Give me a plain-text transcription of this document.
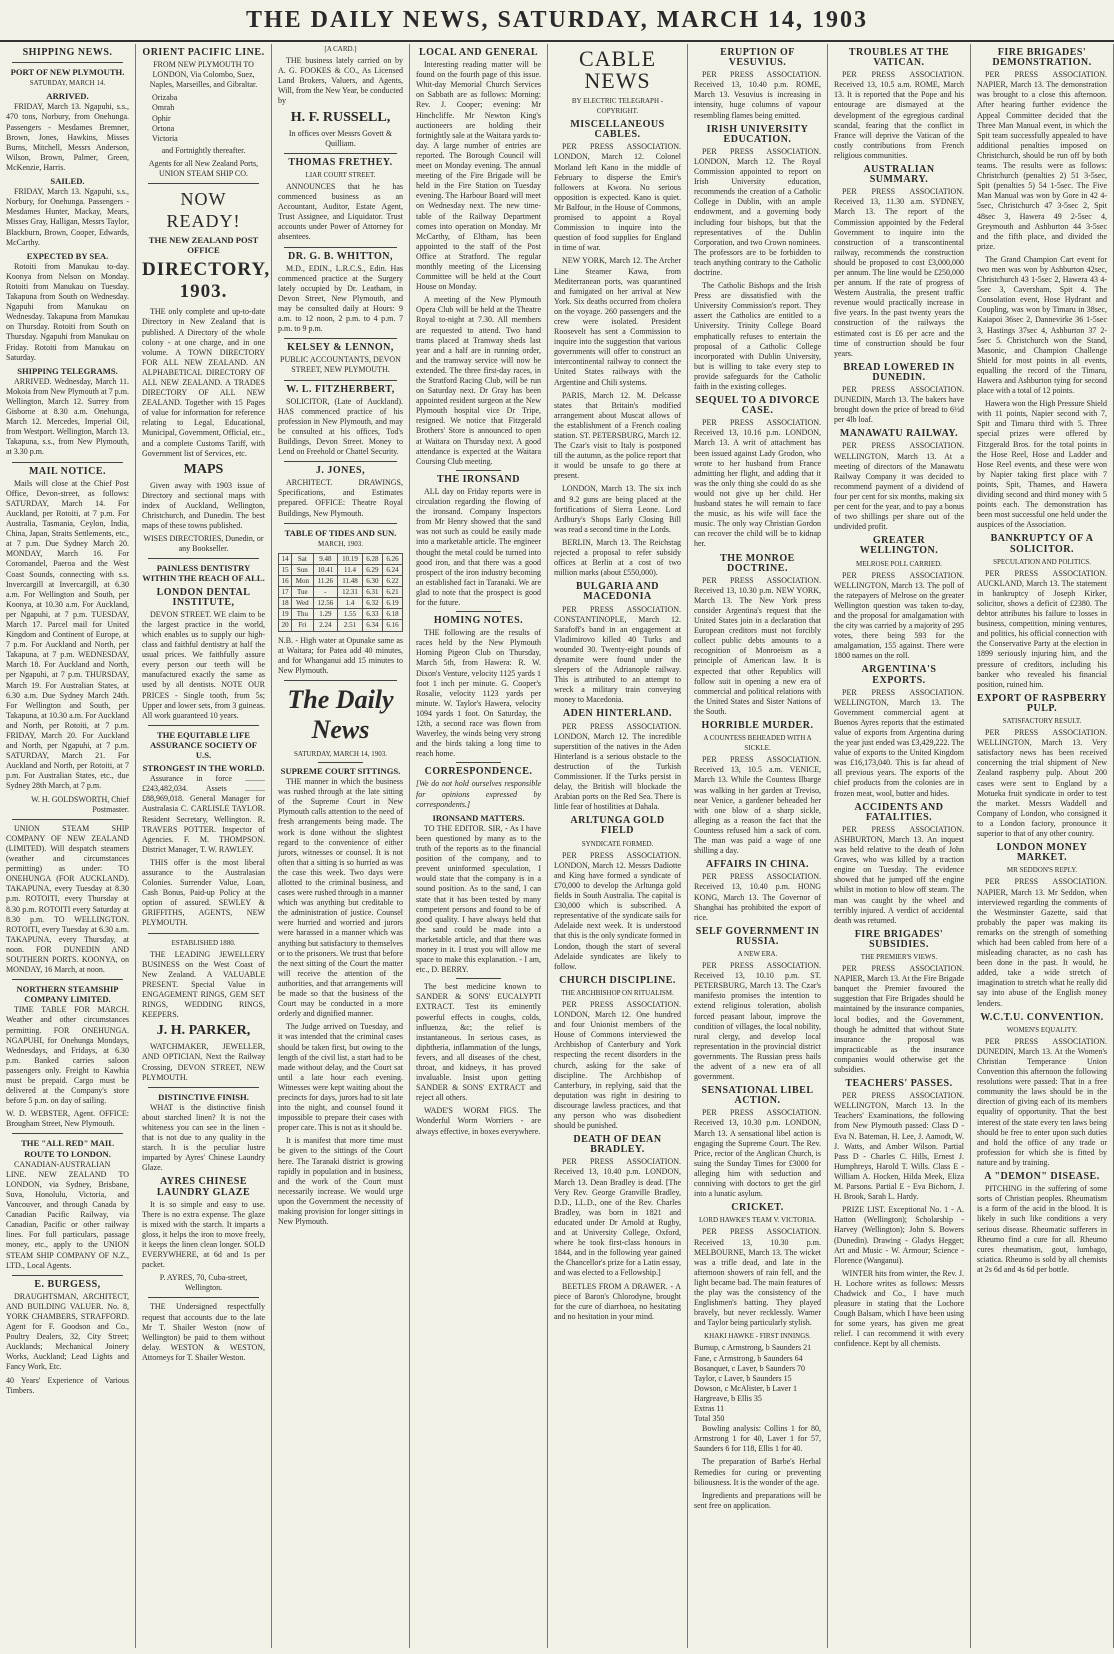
THE DAILY NEWS, SATURDAY, MARCH 14, 1903
SHIPPING NEWS.
PORT OF NEW PLYMOUTH.
SATURDAY, MARCH 14.
ARRIVED.

FRIDAY, March 13. Ngapuhi, s.s., 470 tons, Norbury, from Onehunga. Passengers - Mesdames Bremner, Brown, Jones, Hawkins, Misses Burns, Mitchell, Messrs Anderson, Wilson, Brown, Palmer, Green, McKenzie, Harris.

SAILED.

FRIDAY, March 13. Ngapuhi, s.s., Norbury, for Onehunga. Passengers - Mesdames Hunter, Mackay, Mears, Misses Gray, Halligan, Messrs Taylor, Blackburn, Brown, Cooper, Edwards, McCarthy.

EXPECTED BY SEA.

Rotoiti from Manukau to-day. Koonya from Nelson on Monday. Rotoiti from Manukau on Tuesday. Takapuna from South on Wednesday. Ngapuhi from Manukau on Wednesday. Takapuna from Manukau on Thursday. Rotoiti from South on Thursday. Ngapuhi from Manukau on Friday. Rotoiti from Manukau on Saturday.

SHIPPING TELEGRAMS.

ARRIVED. Wednesday, March 11. Mokoia from New Plymouth at 7 p.m. Wellington, March 12. Surrey from Gisborne at 8.30 a.m. Onehunga, March 12. Mercedes, Imperial Oil, from Westport. Wellington, March 13. Takapuna, s.s., from New Plymouth, at 3.30 p.m.

MAIL NOTICE.

Mails will close at the Chief Post Office, Devon-street, as follows: SATURDAY, March 14. For Auckland, per Rotoiti, at 7 p.m. For Australia, Tasmania, Ceylon, India, China, Japan, Straits Settlements, etc., at 7 p.m. Due Sydney March 20. MONDAY, March 16. For Coromandel, Paeroa and the West Coast Sounds, connecting with s.s. Invercargill at Invercargill, at 6.30 a.m. For Wellington and South, per Koonya, at 10.30 a.m. For Auckland, per Ngapuhi, at 7 p.m. TUESDAY, March 17. Parcel mail for United Kingdom and Continent of Europe, at 7 p.m. For Auckland and North, per Takapuna, at 7 p.m. WEDNESDAY, March 18. For Auckland and North, per Ngapuhi, at 7 p.m. THURSDAY, March 19. For Australian States, at 6.30 a.m. Due Sydney March 24th. For Wellington and South, per Takapuna, at 10.30 a.m. For Auckland and North, per Rotoiti, at 7 p.m. FRIDAY, March 20. For Auckland and North, per Ngapuhi, at 7 p.m. SATURDAY, March 21. For Auckland and North, per Rotoiti, at 7 p.m. For Australian States, etc., due Sydney 28th March, at 7 p.m.

W. H. GOLDSWORTH, Chief Postmaster.

UNION STEAM SHIP COMPANY OF NEW ZEALAND (LIMITED). Will despatch steamers (weather and circumstances permitting) as under: TO ONEHUNGA (FOR AUCKLAND). TAKAPUNA, every Tuesday at 8.30 p.m. ROTOITI, every Thursday at 8.30 p.m. ROTOITI every Saturday at 8.30 p.m. TO WELLINGTON. ROTOITI, every Tuesday at 6.30 a.m. TAKAPUNA, every Thursday, at noon. FOR DUNEDIN AND SOUTHERN PORTS. KOONYA, on MONDAY, 16 March, at noon.

NORTHERN STEAMSHIP COMPANY LIMITED.

TIME TABLE FOR MARCH. Weather and other circumstances permitting. FOR ONEHUNGA. NGAPUHI, for Onehunga Mondays, Wednesdays, and Fridays, at 6.30 p.m. Banked carries saloon passengers only. Freight to Kawhia must be prepaid. Cargo must be delivered at the Company's store before 5 p.m. on day of sailing.

W. D. WEBSTER, Agent. OFFICE: Brougham Street, New Plymouth.

THE "ALL RED" MAIL ROUTE TO LONDON.

CANADIAN-AUSTRALIAN LINE. NEW ZEALAND TO LONDON, via Sydney, Brisbane, Suva, Honolulu, Victoria, and Vancouver, and through Canada by Canadian Pacific Railway, via Canadian, Pacific or other railway lines. For full particulars, passage money, etc., apply to the UNION STEAM SHIP COMPANY OF N.Z., LTD., Local Agents.

E. BURGESS,

DRAUGHTSMAN, ARCHITECT, AND BUILDING VALUER. No. 8, YORK CHAMBERS, STRAFFORD. Agent for F. Goodson and Co., Poultry Dealers, 32, City Street; Aucklands; Mechanical Joinery Works, Auckland; Lead Lights and Fancy Work, Etc.

40 Years' Experience of Various Timbers.

ORIENT PACIFIC LINE.

FROM NEW PLYMOUTH TO LONDON, Via Colombo, Suez, Naples, Marseilles, and Gibraltar.

Orizaba
Omrah
Ophir
Ortona
Victoria

and Fortnightly thereafter.

Agents for all New Zealand Ports, UNION STEAM SHIP CO.

NOW READY!
THE NEW ZEALAND POST OFFICE
DIRECTORY, 1903.

THE only complete and up-to-date Directory in New Zealand that is published. A Directory of the whole colony - at one charge, and in one volume. A TOWN DIRECTORY FOR ALL NEW ZEALAND. AN ALPHABETICAL DIRECTORY OF ALL NEW ZEALAND. A TRADES DIRECTORY OF ALL NEW ZEALAND. Together with 15 Pages of value for information for reference relating to Legal, Educational, Municipal, Government, Official, etc., and a complete Customs Tariff, with Government list of Services, etc.

MAPS

Given away with 1903 issue of Directory and sectional maps with index of Auckland, Wellington, Christchurch, and Dunedin. The best maps of these towns published.

WISES DIRECTORIES, Dunedin, or any Bookseller.

PAINLESS DENTISTRY WITHIN THE REACH OF ALL.
LONDON DENTAL INSTITUTE,

DEVON STREET. WE claim to be the largest practice in the world, which enables us to supply our high-class and faithful dentistry at half the usual prices. We faithfully assure every person our teeth will be manufactured exactly the same as used by all dentists. NOTE OUR PRICES - Single tooth, from 5s; Upper and lower sets, from 3 guineas. All work guaranteed 10 years.

THE EQUITABLE LIFE ASSURANCE SOCIETY OF U.S.
STRONGEST IN THE WORLD.

Assurance in force .......... £243,482,034. Assets .......... £88,969,018. General Manager for Australasia C. CARLISLE TAYLOR. Resident Secretary, Wellington. R. TRAVERS POTTER. Inspector of Agencies. F. M. THOMPSON. District Manager, T. W. RAWLEY.

THIS offer is the most liberal assurance to the Australasian Colonies. Surrender Value, Loan, Cash Bonus, Paid-up Policy at the option of assured. SEWLEY & GRIFFITHS, AGENTS, NEW PLYMOUTH.

ESTABLISHED 1880.

THE LEADING JEWELLERY BUSINESS on the West Coast of New Zealand. A VALUABLE PRESENT. Special Value in ENGAGEMENT RINGS, GEM SET RINGS, WEDDING RINGS, KEEPERS.

J. H. PARKER,

WATCHMAKER, JEWELLER, AND OPTICIAN, Next the Railway Crossing, DEVON STREET, NEW PLYMOUTH.

DISTINCTIVE FINISH.

WHAT is the distinctive finish about starched linen? It is not the whiteness you can see in the linen - that is not due to any quality in the starch. It is the peculiar lustre imparted by Ayres' Chinese Laundry Glaze.

AYRES CHINESE LAUNDRY GLAZE

It is so simple and easy to use. There is no extra expense. The glaze is mixed with the starch. It imparts a gloss, it helps the iron to move freely, it keeps the linen clean longer. SOLD EVERYWHERE, at 6d and 1s per packet.

P. AYRES, 70, Cuba-street, Wellington.

THE Undersigned respectfully request that accounts due to the late Mr T. Shailer Weston (now of Wellington) be paid to them without delay. WESTON & WESTON, Attorneys for T. Shailer Weston.

[A CARD.]

THE business lately carried on by A. G. FOOKES & CO., As Licensed Land Brokers, Valuers, and Agents, Will, from the New Year, be conducted by

H. F. RUSSELL,

In offices over Messrs Govett & Quilliam.

THOMAS FRETHEY.
LIAR COURT STREET.

ANNOUNCES that he has commenced business as an Accountant, Auditor, Estate Agent, Trust Assignee, and Liquidator. Trust accounts under Power of Attorney for absentees.

DR. G. B. WHITTON,

M.D., EDIN., L.R.C.S., Edin. Has commenced practice at the Surgery lately occupied by Dr. Leatham, in Devon Street, New Plymouth, and may be consulted daily at Hours: 9 a.m. to 12 noon, 2 p.m. to 4 p.m. 7 p.m. to 9 p.m.

KELSEY & LENNON,

PUBLIC ACCOUNTANTS, DEVON STREET, NEW PLYMOUTH.

W. L. FITZHERBERT,

SOLICITOR, (Late of Auckland). HAS commenced practice of his profession in New Plymouth, and may be consulted at his offices, Tod's Buildings, Devon Street. Money to Lend on Freehold or Chattel Security.

J. JONES,

ARCHITECT. DRAWINGS, Specifications, and Estimates prepared. OFFICE: Theatre Royal Buildings, New Plymouth.

TABLE OF TIDES AND SUN.
MARCH, 1903.
14	Sat	9.48	10.19	6.28	6.26
15	Sun	10.41	11.4	6.29	6.24
16	Mon	11.26	11.48	6.30	6.22
17	Tue	-	12.31	6.31	6.21
18	Wed	12.56	1.4	6.32	6.19
19	Thu	1.29	1.55	6.33	6.18
20	Fri	2.24	2.51	6.34	6.16

N.B. - High water at Opunake same as at Waitara; for Patea add 40 minutes, and for Whanganui add 15 minutes to New Plymouth.

The Daily News
SATURDAY, MARCH 14, 1903.
SUPREME COURT SITTINGS.

THE manner in which the business was rushed through at the late sitting of the Supreme Court in New Plymouth calls attention to the need of fresh arrangements being made. The work is done without the slightest regard to the convenience of either jurors, witnesses or counsel. It is not often that a sitting is so hurried as was the case this week. Two days were allotted to the criminal business, and cases were rushed through in a manner which was anything but creditable to the administration of justice. Counsel were hurried and worried and jurors were harassed in a manner which was anything but satisfactory to themselves or to the prisoners. We trust that before the next sitting of the Court the matter will receive the attention of the authorities, and that arrangements will be made so that the business of the Court may be conducted in a more orderly and dignified manner.

The Judge arrived on Tuesday, and it was intended that the criminal cases should be taken first, but owing to the length of the civil list, a start had to be made without delay, and the Court sat until a late hour each evening. Witnesses were kept waiting about the precincts for days, jurors had to sit late into the night, and counsel found it impossible to prepare their cases with proper care. This is not as it should be.

It is manifest that more time must be given to the sittings of the Court here. The Taranaki district is growing rapidly in population and in business, and the work of the Court must necessarily increase. We would urge upon the Government the necessity of making provision for longer sittings in New Plymouth.

LOCAL AND GENERAL

Interesting reading matter will be found on the fourth page of this issue. Whit-day Memorial Church Services on Sabbath are as follows: Morning: Rev. J. Cooper; evening: Mr Hinchcliffe. Mr Newton King's auctioneers are holding their fortnightly sale at the Waitara yards to-day. A large number of entries are reported. The Borough Council will meet on Monday evening. The annual meeting of the Fire Brigade will be held in the Fire Station on Tuesday evening. The Harbour Board will meet on Wednesday next. The new time-table of the Railway Department comes into operation on Monday. Mr McCarthy, of Eltham, has been appointed to the staff of the Post Office at Stratford. The regular monthly meeting of the Licensing Committee will be held at the Court House on Monday.

A meeting of the New Plymouth Opera Club will be held at the Theatre Royal to-night at 7.30. All members are requested to attend. Two hand trams placed at Tramway sheds last year and a half are in running order, and the tramway service will now be extended. The three first-day races, in the Stratford Racing Club, will be run on Saturday next. Dr Gray has been appointed resident surgeon at the New Plymouth hospital vice Dr Tripe, resigned. We notice that Fitzgerald Brothers' Store is announced to open at Waitara on Thursday next. A good attendance is expected at the Waitara Coursing Club meeting.

THE IRONSAND

ALL day on Friday reports were in circulation regarding the flowing of the ironsand. Company Inspectors from Mr Henry showed that the sand was not such as could be easily made into a marketable article. The engineer thought the metal could be turned into good iron, and that there was a good prospect of the iron industry becoming an established fact in Taranaki. We are glad to note that the prospect is good for the future.

HOMING NOTES.

THE following are the results of races held by the New Plymouth Homing Pigeon Club on Thursday, March 5th, from Hawera: R. W. Dixon's Venture, velocity 1125 yards 1 foot 1 inch per minute. G. Cooper's Rosalie, velocity 1123 yards per minute. W. Taylor's Hawera, velocity 1094 yards 1 foot. On Saturday, the 12th, a second race was flown from Waverley, the winds being very strong and the birds taking a long time to reach home.

CORRESPONDENCE.

[We do not hold ourselves responsible for opinions expressed by correspondents.]

IRONSAND MATTERS.

TO THE EDITOR. SIR, - As I have been questioned by many as to the truth of the reports as to the financial position of the company, and to prevent uninformed speculation, I would state that the company is in a sound position. As to the sand, I can state that it has been tested by many competent persons and found to be of good quality. I have always held that the sand could be made into a marketable article, and that there was money in it. I trust you will allow me space to make this explanation. - I am, etc., D. BERRY.

The best medicine known to SANDER & SONS' EUCALYPTI EXTRACT. Test its eminently powerful effects in coughs, colds, influenza, &c; the relief is instantaneous. In serious cases, as diphtheria, inflammation of the lungs, fevers, and all diseases of the chest, throat, and kidneys, it has proved invaluable. Insist upon getting SANDER & SONS' EXTRACT and reject all others.

WADE'S WORM FIGS. The Wonderful Worm Worriers - are always effective, in boxes everywhere.

CABLE NEWS
BY ELECTRIC TELEGRAPH - COPYRIGHT.
MISCELLANEOUS CABLES.

PER PRESS ASSOCIATION. LONDON, March 12. Colonel Morland left Kano in the middle of February to disperse the Emir's followers at Kwora. No serious opposition is expected. Kano is quiet. Mr Balfour, in the House of Commons, promised to appoint a Royal Commission to inquire into the question of food supplies for England in time of war.

NEW YORK, March 12. The Archer Line Steamer Kawa, from Mediterranean ports, was quarantined and fumigated on her arrival at New York. Six deaths occurred from cholera on the voyage. 260 passengers and the crew were isolated. President Roosevelt has sent a Commission to inquire into the suggestion that various governments will offer to construct an intercontinental railway to connect the United States railways with the Argentine and Chili systems.

PARIS, March 12. M. Delcasse states that Britain's modified arrangement about Muscat allows of the establishment of a French coaling station. ST. PETERSBURG, March 12. The Czar's visit to Italy is postponed till the autumn, as the police report that it would be unsafe to go there at present.

LONDON, March 13. The six inch and 9.2 guns are being placed at the fortifications of Sierra Leone. Lord Ardbury's Shops Early Closing Bill was read a second time in the Lords.

BERLIN, March 13. The Reichstag rejected a proposal to refer subsidy offices at Berlin at a cost of two million marks (about £550,000).

BULGARIA AND MACEDONIA

PER PRESS ASSOCIATION. CONSTANTINOPLE, March 12. Sarafoff's band in an engagement at Vladimirovo killed 40 Turks and wounded 30. Twenty-eight pounds of dynamite were found under the sleepers of the Adrianople railway. This is attributed to an attempt to wreck a military train conveying money to Macedonia.

ADEN HINTERLAND.

PER PRESS ASSOCIATION. LONDON, March 12. The incredible superstition of the natives in the Aden Hinterland is a serious obstacle to the destruction of the Turkish Commissioner. If the Turks persist in delay, the British will blockade the Arabian ports on the Red Sea. There is little fear of hostilities at Dahala.

ARLTUNGA GOLD FIELD
SYNDICATE FORMED.

PER PRESS ASSOCIATION. LONDON, March 12. Messrs Dadiotte and King have formed a syndicate of £70,000 to develop the Arltunga gold fields in South Australia. The capital is £30,000 which is subscribed. A representative of the syndicate sails for Adelaide next week. It is understood that this is the only syndicate formed in London, though the start of several Adelaide syndicates are likely to follow.

CHURCH DISCIPLINE.
THE ARCHBISHOP ON RITUALISM.

PER PRESS ASSOCIATION. LONDON, March 12. One hundred and four Unionist members of the House of Commons interviewed the Archbishop of Canterbury and York respecting the recent disorders in the church, asking for the sake of discipline. The Archbishop of Canterbury, in replying, said that the deputation was right in desiring to discourage lawless practices, and that any person who was disobedient should be punished.

DEATH OF DEAN BRADLEY.

PER PRESS ASSOCIATION. Received 13, 10.40 p.m. LONDON, March 13. Dean Bradley is dead. [The Very Rev. George Granville Bradley, D.D., LL.D., one of the Rev. Charles Bradley, was born in 1821 and educated under Dr Arnold at Rugby, and at University College, Oxford, where he took first-class honours in 1844, and in the following year gained the Chancellor's prize for a Latin essay, and was elected to a Fellowship.]

BEETLES FROM A DRAWER. - A piece of Baron's Chlorodyne, brought for the cure of diarrhoea, no hesitating and no hesitation in your mind.

ERUPTION OF VESUVIUS.

PER PRESS ASSOCIATION. Received 13, 10.40 p.m. ROME, March 13. Vesuvius is increasing in intensity, huge columns of vapour resembling flames being emitted.

IRISH UNIVERSITY EDUCATION.

PER PRESS ASSOCIATION. LONDON, March 12. The Royal Commission appointed to report on Irish University education, recommends the creation of a Catholic College in Dublin, with an ample endowment, and a governing body including four bishops, but that the representatives of the Dublin Corporation, and two Crown nominees. The professors are to be forbidden to teach anything contrary to the Catholic doctrine.

The Catholic Bishops and the Irish Press are dissatisfied with the University Commission's report. They assert the Catholics are entitled to a University. Trinity College Board emphatically refuses to entertain the proposal of a Catholic College incorporated with Dublin University, but is willing to take every step to provide safeguards for the Catholic faith in the existing colleges.

SEQUEL TO A DIVORCE CASE.

PER PRESS ASSOCIATION. Received 13, 10.16 p.m. LONDON, March 13. A writ of attachment has been issued against Lady Grodon, who wrote to her husband from France admitting her flight, and adding that it was the only thing she could do as she would not give up her child. Her husband states he will remain to face the music, as his wife will face the music. The only way Christian Gordon can recover the child will be to kidnap her.

THE MONROE DOCTRINE.

PER PRESS ASSOCIATION. Received 13, 10.30 p.m. NEW YORK, March 13. The New York press consider Argentina's request that the United States join in a declaration that European creditors must not forcibly collect public debts amounts to a recognition of Monroeism as a principle of American law. It is expected that other Republics will follow suit in opening a new era of commercial and political relations with the United States and Sister Nations of the South.

HORRIBLE MURDER.
A COUNTESS BEHEADED WITH A SICKLE.

PER PRESS ASSOCIATION. Received 13, 10.5 a.m. VENICE, March 13. While the Countess Ilbarge was walking in her garden at Treviso, near Venice, a gardener beheaded her with one blow of a sharp sickle, alleging as a reason the fact that the Countess refused him a sack of corn. The man was paid a wage of one shilling a day.

AFFAIRS IN CHINA.

PER PRESS ASSOCIATION. Received 13, 10.40 p.m. HONG KONG, March 13. The Governor of Shanghai has prohibited the export of rice.

SELF GOVERNMENT IN RUSSIA.
A NEW ERA.

PER PRESS ASSOCIATION. Received 13, 10.10 p.m. ST. PETERSBURG, March 13. The Czar's manifesto promises the intention to extend religious toleration, abolish forced peasant labour, improve the condition of villages, the local nobility, rural clergy, and develop local representation in the provincial district governments. The Russian press hails the advent of a new era of all government.

SENSATIONAL LIBEL ACTION.

PER PRESS ASSOCIATION. Received 13, 10.30 p.m. LONDON, March 13. A sensational libel action is engaging the Supreme Court. The Rev. Price, rector of the Anglican Church, is suing the Sunday Times for £3000 for alleging him with seduction and conniving with doctors to get the girl into a lunatic asylum.

CRICKET.
LORD HAWKE'S TEAM V. VICTORIA.

PER PRESS ASSOCIATION. Received 13, 10.30 p.m. MELBOURNE, March 13. The wicket was a trifle dead, and late in the afternoon showers of rain fell, and the light became bad. The main features of the play was the consistency of the Englishmen's batting. They played bravely, but never recklessly. Warner and Taylor being particularly stylish.

KHAKI HAWKE - FIRST INNINGS.
Burnup, c Armstrong, b Saunders 21
Fane, c Armstrong, b Saunders 64
Bosanquet, c Laver, b Saunders 70
Taylor, c Laver, b Saunders 15
Dowson, c McAlister, b Laver 1
Hargreave, b Ellis 35
Extras 11
Total 350

Bowling analysis: Collins 1 for 80, Armstrong 1 for 40, Laver 1 for 57, Saunders 6 for 118, Ellis 1 for 40.

The preparation of Barbe's Herbal Remedies for curing or preventing biliousness. It is the wonder of the age.

Ingredients and preparations will be sent free on application.

TROUBLES AT THE VATICAN.

PER PRESS ASSOCIATION. Received 13, 10.5 a.m. ROME, March 13. It is reported that the Pope and his entourage are dismayed at the development of the egregious cardinal scandal, fearing that the conflict in France will deprive the Vatican of the costly contributions from French religious communities.

AUSTRALIAN SUMMARY.

PER PRESS ASSOCIATION. Received 13, 11.30 a.m. SYDNEY, March 13. The report of the Commission appointed by the Federal Government to inquire into the construction of a transcontinental railway, recommends the construction should be proposed to cost £3,000,000 per annum. The line would be £250,000 per annum. If the rate of progress of Western Australia, the present traffic revenue would practically increase in five years. In the past twenty years the construction of the railways the estimated cost is £6 per acre and the time of construction should be four years.

BREAD LOWERED IN DUNEDIN.

PER PRESS ASSOCIATION. DUNEDIN, March 13. The bakers have brought down the price of bread to 6½d per 4lb loaf.

MANAWATU RAILWAY.

PER PRESS ASSOCIATION. WELLINGTON, March 13. At a meeting of directors of the Manawatu Railway Company it was decided to recommend payment of a dividend of four per cent for six months, making six per cent for the year, and to pay a bonus of two shillings per share out of the undivided profit.

GREATER WELLINGTON.
MELROSE POLL CARRIED.

PER PRESS ASSOCIATION. WELLINGTON, March 13. The poll of the ratepayers of Melrose on the greater Wellington question was taken to-day, and the proposal for amalgamation with the city was carried by a majority of 295 votes, there being 593 for the amalgamation, 155 against. There were 1800 names on the roll.

ARGENTINA'S EXPORTS.

PER PRESS ASSOCIATION. WELLINGTON, March 13. The Government commercial agent at Buenos Ayres reports that the estimated value of exports from Argentina during the year just ended was £3,429,222. The value of exports to the United Kingdom was £16,173,040. This is far ahead of all previous years. The exports of the chief products from the colonies are in frozen meat, wool, butter and hides.

ACCIDENTS AND FATALITIES.

PER PRESS ASSOCIATION. ASHBURTON, March 13. An inquest was held relative to the death of John Graves, who was killed by a traction engine on Tuesday. The evidence showed that he jumped off the engine whilst in motion to blow off steam. The man was caught by the wheel and terribly injured. A verdict of accidental death was returned.

FIRE BRIGADES' SUBSIDIES.
THE PREMIER'S VIEWS.

PER PRESS ASSOCIATION. NAPIER, March 13. At the Fire Brigade banquet the Premier favoured the suggestion that Fire Brigades should be maintained by the insurance companies, local bodies, and the Government, though he admitted that without State insurance the proposal was impracticable as the insurance companies would otherwise get the subsidies.

TEACHERS' PASSES.

PER PRESS ASSOCIATION. WELLINGTON, March 13. In the Teachers' Examinations, the following from New Plymouth passed: Class D - Eva N. Bateman, H. Lee, J. Aamodt, W. J. Watts, and Amber Wilson. Partial Pass D - Charles C. Hills, Ernest J. Humphreys, Harold T. Wills. Class E - William A. Hocken, Hilda Meek, Eliza M. Parsons. Partial E - Eva Bichorn, J. H. Brook, Sarah L. Hardy.

PRIZE LIST. Exceptional No. 1 - A. Hatton (Wellington); Scholarship - Harvey (Wellington); John S. Bowers (Dunedin). Drawing - Gladys Hegget; Art and Music - W. Armour; Science - Florence (Wanganui).

WINTER hits from winter, the Rev. J. H. Lochore writes as follows: Messrs Chadwick and Co., I have much pleasure in stating that the Lochore Cough Balsam, which I have been using for some years, has given me great relief. I can recommend it with every confidence. Kept by all chemists.

FIRE BRIGADES' DEMONSTRATION.

PER PRESS ASSOCIATION. NAPIER, March 13. The demonstration was brought to a close this afternoon. After hearing further evidence the Appeal Committee decided that the Three Man Manual event, in which the Spit team successfully appealed to have additional penalties imposed on Christchurch, should be run off by both teams. The results were as follows: Christchurch (penalties 2) 51 3-5sec, Spit (penalties 5) 54 1-5sec. The Five Man Manual was won by Gore in 42 4-5sec, Christchurch 47 3-5sec 2, Spit 48sec 3, Hawera 49 2-5sec 4, Greymouth and Ashburton 44 3-5sec and the fifth place, and divided the prize.

The Grand Champion Cart event for two men was won by Ashburton 42sec, Christchurch 43 1-5sec 2, Hawera 43 4-5sec 3, Caversham, Spit 4. The Consolation event, Hose Hydrant and Coupling, was won by Timaru in 38sec, Kaiapoi 36sec 2, Dannevirke 36 1-5sec 3, Hastings 37sec 4, Ashburton 37 2-5sec 5. Christchurch won the Stand, Masonic, and Champion Challenge Shield for most points in all events, equalling the record of the Timaru, Hawera and Ashburton tying for second place with a total of 12 points.

Hawera won the High Pressure Shield with 11 points, Napier second with 7, Spit and Timaru third with 5. Three special prizes were offered by Fitzgerald Bros. for the total points in the Hose Reel, Hose and Ladder and Hose Reel events, and these were won by Napier taking first place with 7 points, Spit, Thames, and Hawera dividing second and third money with 5 points each. The demonstration has been most successful one held under the auspices of the Association.

BANKRUPTCY OF A SOLICITOR.
SPECULATION AND POLITICS.

PER PRESS ASSOCIATION. AUCKLAND, March 13. The statement in bankruptcy of Joseph Kirker, solicitor, shows a deficit of £2380. The debtor attributes his failure to losses in business, competition, mining ventures, and politics, his official connection with the Conservative Party at the election in 1899 seriously injuring him, and the pressure of creditors, including his banker who revealed his financial position, ruined him.

EXPORT OF RASPBERRY PULP.
SATISFACTORY RESULT.

PER PRESS ASSOCIATION. WELLINGTON, March 13. Very satisfactory news has been received concerning the trial shipment of New Zealand raspberry pulp. About 200 cases were sent to England by a Motueka fruit syndicate in order to test the market. Messrs Waddell and Company of London, who consigned it to a London factory, pronounce it superior to that of any other country.

LONDON MONEY MARKET.
MR SEDDON'S REPLY.

PER PRESS ASSOCIATION. NAPIER, March 13. Mr Seddon, when interviewed regarding the comments of the Westminster Gazette, said that probably the paper was making its remarks on the strength of something which had been cabled from here of a misleading character, as no cash has been done in the past. It would, he added, take a wide stretch of imagination to stretch what he really did say into abuse of the English money lenders.

W.C.T.U. CONVENTION.
WOMEN'S EQUALITY.

PER PRESS ASSOCIATION. DUNEDIN, March 13. At the Women's Christian Temperance Union Convention this afternoon the following resolutions were passed: That in a free community the laws should be in the direction of giving each of its members equality of opportunity. That the best interest of the state every ten laws being should be free to enter upon such duties and hold the office of any trade or profession for which she is fitted by nature and by training.

A "DEMON" DISEASE.

PITCHING in the suffering of some sorts of Christian peoples. Rheumatism is a form of the acid in the blood. It is likely in such like conditions a very serious disease. Rheumatic sufferers in Rheumo find a cure for all. Rheumo cures rheumatism, gout, lumbago, sciatica. Rheumo is sold by all chemists at 2s 6d and 4s 6d per bottle.
